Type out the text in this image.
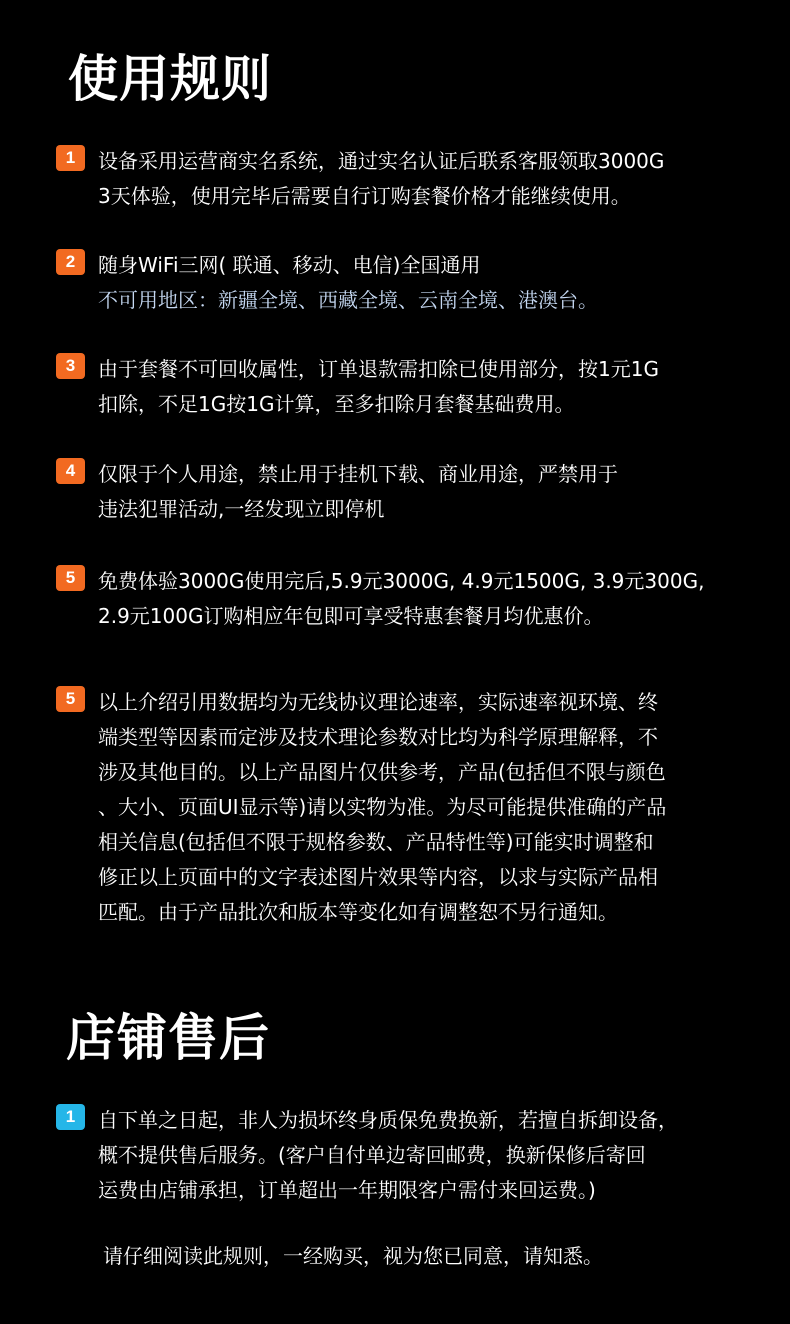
使用规则
1	设备采用运营商实名系统，通过实名认证后联系客服领取3000G
3天体验，使用完毕后需要自行订购套餐价格才能继续使用。
2	随身WiFi三网( 联通、移动、电信)全国通用
不可用地区：新疆全境、西藏全境、云南全境、港澳台。
3	由于套餐不可回收属性，订单退款需扣除已使用部分，按1元1G
扣除，不足1G按1G计算，至多扣除月套餐基础费用。
4	仅限于个人用途，禁止用于挂机下载、商业用途，严禁用于
违法犯罪活动,一经发现立即停机
5	免费体验3000G使用完后,5.9元3000G, 4.9元1500G, 3.9元300G,
2.9元100G订购相应年包即可享受特惠套餐月均优惠价。
5	以上介绍引用数据均为无线协议理论速率，实际速率视环境、终
端类型等因素而定涉及技术理论参数对比均为科学原理解释，不
涉及其他目的。以上产品图片仅供参考，产品(包括但不限与颜色
、大小、页面UI显示等)请以实物为准。为尽可能提供准确的产品
相关信息(包括但不限于规格参数、产品特性等)可能实时调整和
修正以上页面中的文字表述图片效果等内容，以求与实际产品相
匹配。由于产品批次和版本等变化如有调整恕不另行通知。
店铺售后
1	自下单之日起，非人为损坏终身质保免费换新，若擅自拆卸设备，
概不提供售后服务。(客户自付单边寄回邮费，换新保修后寄回
运费由店铺承担，订单超出一年期限客户需付来回运费。)
请仔细阅读此规则，一经购买，视为您已同意，请知悉。
